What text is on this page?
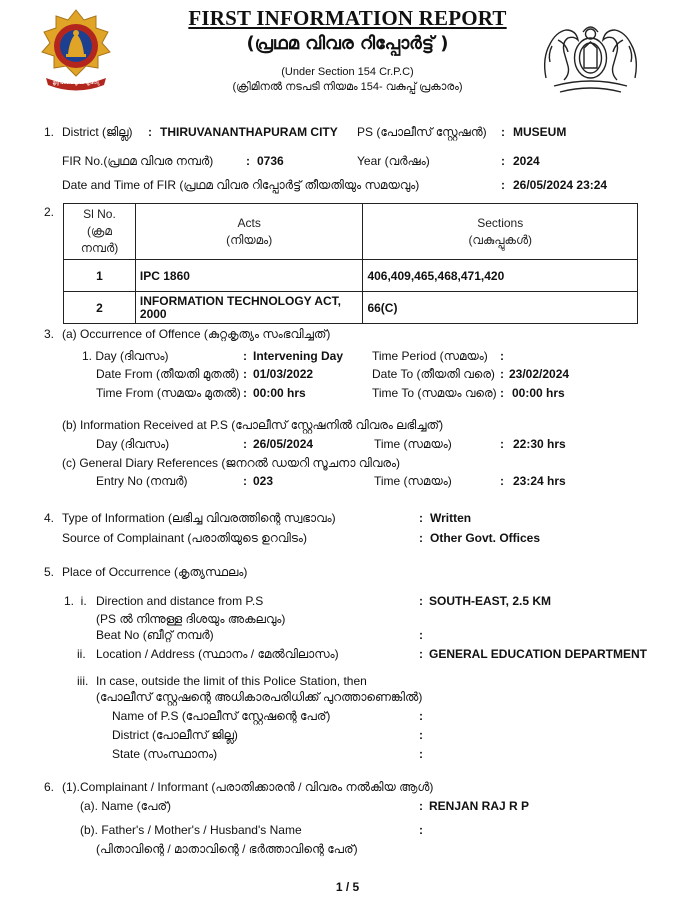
മൃദു ഭാവേ ദൃഢ കൃത്യേ
FIRST INFORMATION REPORT
(പ്രഥമ വിവര റിപ്പോർട്ട് )
(Under Section 154 Cr.P.C)
(ക്രിമിനൽ നടപടി നിയമം 154- വകുപ്പ് പ്രകാരം)
1. District (ജില്ല) : THIRUVANANTHAPURAM CITY PS (പോലീസ് സ്റ്റേഷൻ) : MUSEUM
FIR No.(പ്രഥമ വിവര നമ്പർ)	: 0736	Year (വർഷം)	: 2024
Date and Time of FIR (പ്രഥമ വിവര റിപ്പോർട്ട് തീയതിയും സമയവും)	: 26/05/2024 23:24
2. Sl No.
(ക്രമ നമ്പർ)	Acts
(നിയമം)	Sections
(വകുപ്പുകൾ)
1	IPC 1860	406,409,465,468,471,420
2	INFORMATION TECHNOLOGY ACT, 2000	66(C)
3. (a) Occurrence of Offence (കുറ്റകൃത്യം സംഭവിച്ചത്)
1. Day (ദിവസം)	: Intervening Day Time Period (സമയം) :
Date From (തീയതി മുതൽ) : 01/03/2022	Date To (തീയതി വരെ) : 23/02/2024
Time From (സമയം മുതൽ) : 00:00 hrs	Time To (സമയം വരെ) : 00:00 hrs
(b) Information Received at P.S (പോലീസ് സ്റ്റേഷനിൽ വിവരം ലഭിച്ചത്)
Day (ദിവസം)	: 26/05/2024	Time (സമയം)	: 22:30 hrs
(c) General Diary References (ജനറൽ ഡയറി സൂചനാ വിവരം)
Entry No (നമ്പർ)	: 023	Time (സമയം)	: 23:24 hrs
4. Type of Information (ലഭിച്ച വിവരത്തിന്റെ സ്വഭാവം)	: Written
Source of Complainant (പരാതിയുടെ ഉറവിടം)	: Other Govt. Offices
5. Place of Occurrence (കൃത്യസ്ഥലം)
1.  i. Direction and distance from P.S	: SOUTH-EAST, 2.5 KM
(PS ൽ നിന്നുള്ള ദിശയും അകലവും)
Beat No (ബീറ്റ് നമ്പർ)	:
ii. Location / Address (സ്ഥാനം / മേൽവിലാസം)	: GENERAL EDUCATION DEPARTMENT
iii. In case, outside the limit of this Police Station, then
(പോലീസ് സ്റ്റേഷന്റെ അധികാരപരിധിക്ക് പുറത്താണെങ്കിൽ)
Name of P.S (പോലീസ് സ്റ്റേഷന്റെ പേര്)	:
District (പോലീസ് ജില്ല)	:
State (സംസ്ഥാനം)	:
6. (1).Complainant / Informant (പരാതിക്കാരൻ / വിവരം നൽകിയ ആൾ)
(a). Name (പേര്)	: RENJAN RAJ R P
(b). Father's / Mother's / Husband's Name	:
(പിതാവിന്റെ / മാതാവിന്റെ / ഭർത്താവിന്റെ പേര്)
1 / 5
